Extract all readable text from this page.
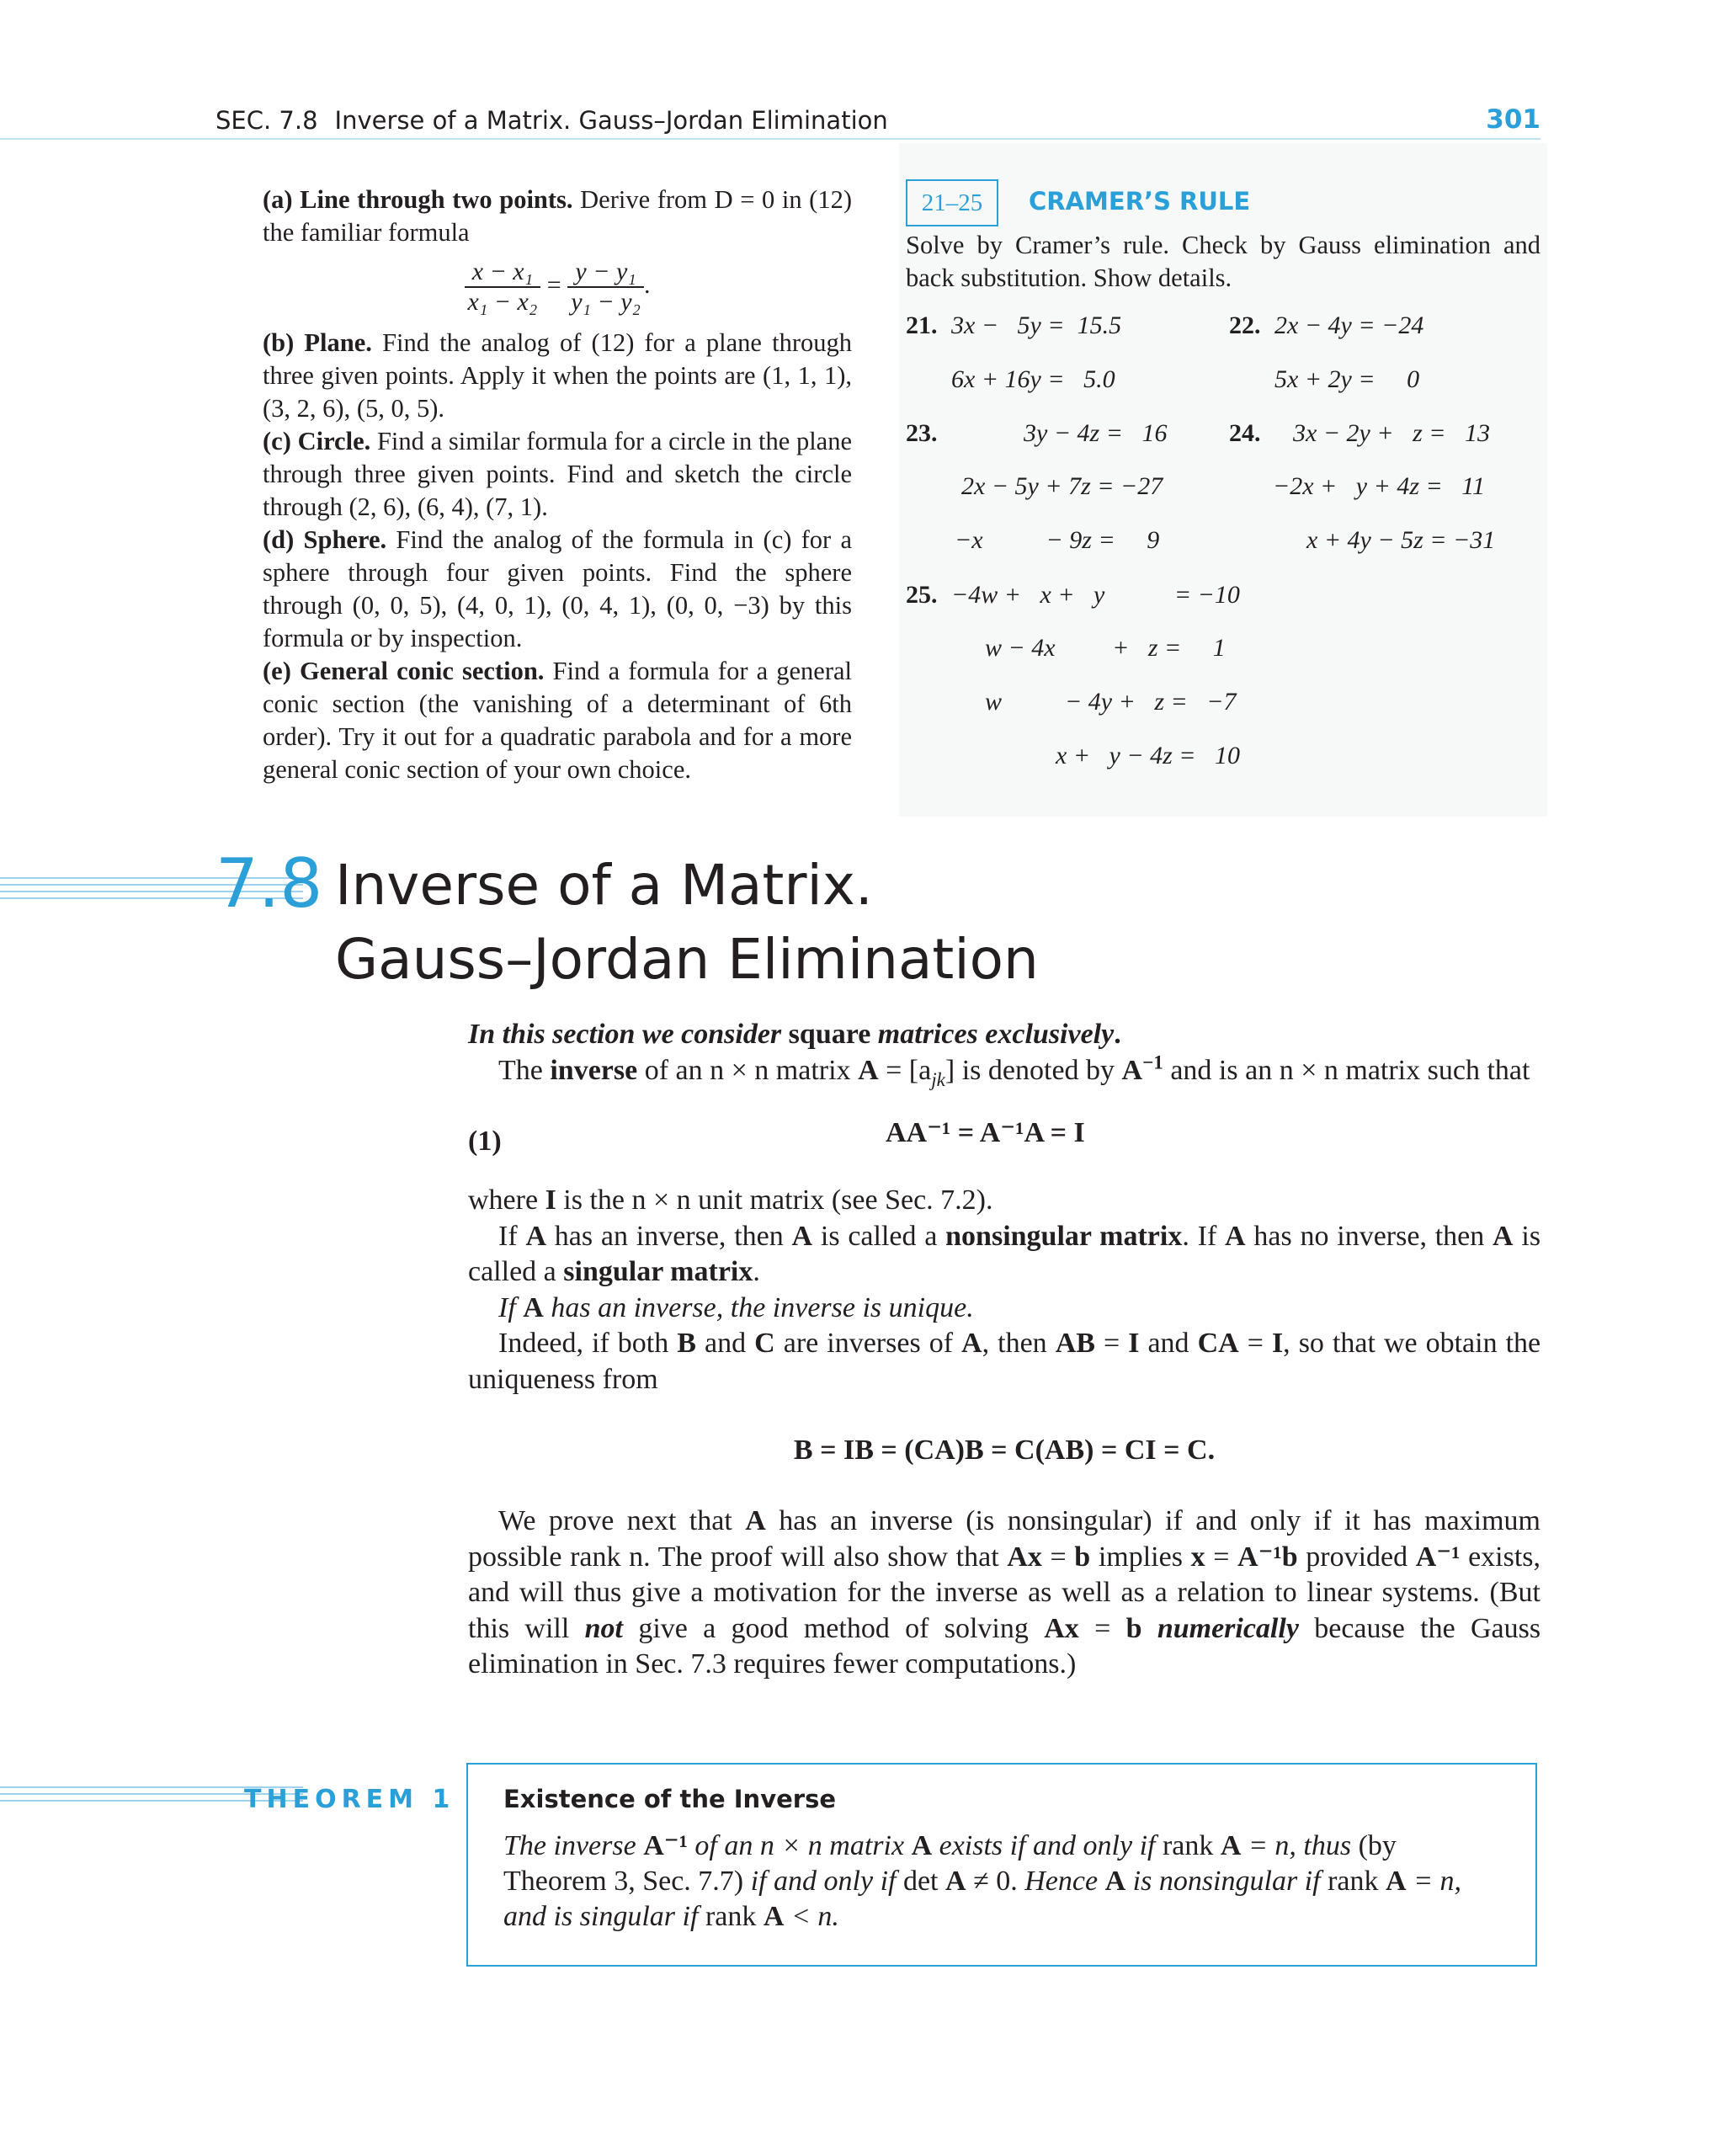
SEC. 7.8 Inverse of a Matrix. Gauss–Jordan Elimination	301

(a) Line through two points. Derive from D = 0 in (12) the familiar formula

$\frac{\text{x − x₁}}{\text{x₁ − x₂}} = \frac{\text{y − y₁}}{\text{y₁ − y₂}}$ .

(b) Plane. Find the analog of (12) for a plane through three given points. Apply it when the points are (1, 1, 1), (3, 2, 6), (5, 0, 5).

(c) Circle. Find a similar formula for a circle in the plane through three given points. Find and sketch the circle through (2, 6), (6, 4), (7, 1).

(d) Sphere. Find the analog of the formula in (c) for a sphere through four given points. Find the sphere through (0, 0, 5), (4, 0, 1), (0, 4, 1), (0, 0, −3) by this formula or by inspection.

(e) General conic section. Find a formula for a general conic section (the vanishing of a determinant of 6th order). Try it out for a quadratic parabola and for a more general conic section of your own choice.

21–25	CRAMER’S RULE
Solve by Cramer’s rule. Check by Gauss elimination and back substitution. Show details.
21. 3x −   5y =  15.5
6x + 16y =   5.0
22. 2x − 4y = −24
5x + 2y =     0
23.	3y − 4z =   16
2x − 5y + 7z = −27
−x          − 9z =     9
24. 3x − 2y +   z =   13
−2x +   y + 4z =   11
x + 4y − 5z = −31
25. −4w +   x +   y           = −10
w − 4x         +   z =     1
w          − 4y +   z =   −7
x +   y − 4z =   10
7.8 Inverse of a Matrix.
Gauss–Jordan Elimination

In this section we consider square matrices exclusively.

The inverse of an n × n matrix $A = [a_{jk}]$ is denoted by $A^{-1}$ and is an n × n matrix such that

(1)	AA⁻¹ = A⁻¹A = I

where I is the n × n unit matrix (see Sec. 7.2).

If A has an inverse, then A is called a nonsingular matrix. If A has no inverse, then A is called a singular matrix.

If A has an inverse, the inverse is unique.

Indeed, if both B and C are inverses of A, then AB = I and CA = I, so that we obtain the uniqueness from

B = IB = (CA)B = C(AB) = CI = C.

We prove next that A has an inverse (is nonsingular) if and only if it has maximum possible rank n. The proof will also show that Ax = b implies x = A⁻¹b provided A⁻¹ exists, and will thus give a motivation for the inverse as well as a relation to linear systems. (But this will not give a good method of solving Ax = b numerically because the Gauss elimination in Sec. 7.3 requires fewer computations.)

THEOREM 1 Existence of the Inverse
The inverse A⁻¹ of an n × n matrix A exists if and only if rank A = n, thus (by Theorem 3, Sec. 7.7) if and only if det A ≠ 0. Hence A is nonsingular if rank A = n, and is singular if rank A < n.
